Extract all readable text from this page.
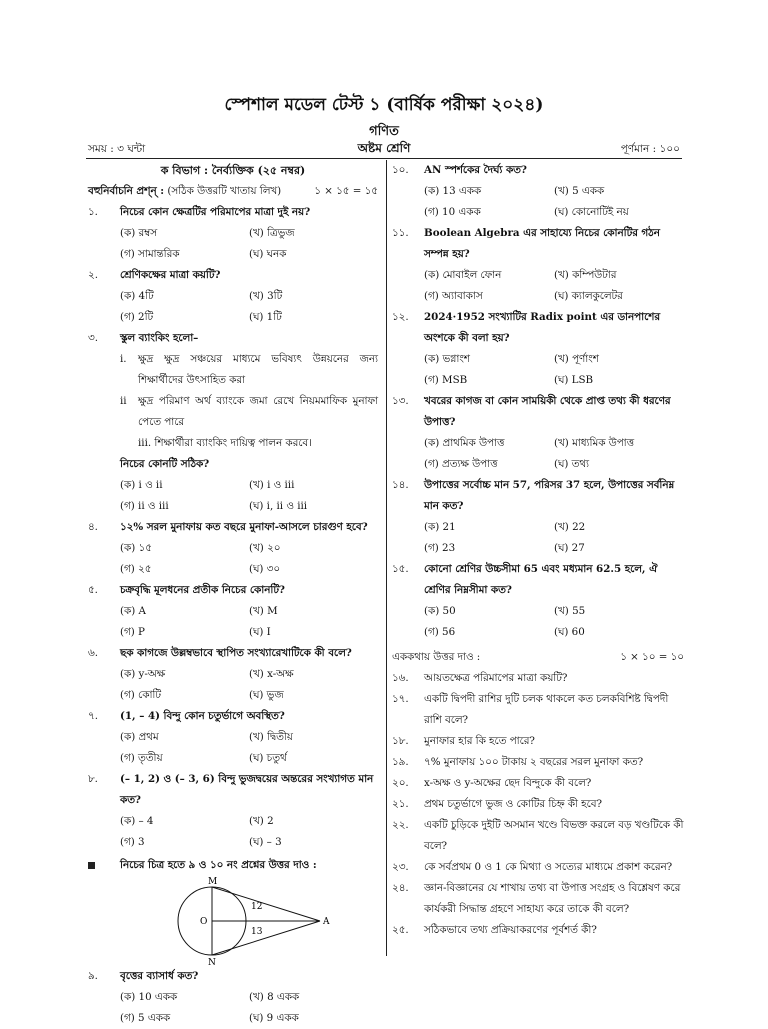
স্পেশাল মডেল টেস্ট ১ (বার্ষিক পরীক্ষা ২০২৪)
গণিত
সময় : ৩ ঘন্টা	অষ্টম শ্রেণি	পূর্ণমান : ১০০
ক বিভাগ : নৈর্ব্যক্তিক (২৫ নম্বর)
বহুনির্বাচনি প্রশ্ন্ : (সঠিক উত্তরটি খাতায় লিখ)	১ × ১৫ = ১৫
১. নিচের কোন ক্ষেত্রটির পরিমাপের মাত্রা দুই নয়?
(ক) রম্বস	(খ) ত্রিভুজ
(গ) সামান্তরিক	(ঘ) ঘনক
২. শ্রেণিকক্ষের মাত্রা কয়টি?
(ক) 4টি	(খ) 3টি
(গ) 2টি	(ঘ) 1টি
৩. স্কুল ব্যাংকিং হলো–
i. ক্ষুদ্র ক্ষুদ্র সঞ্চয়ের মাধ্যমে ভবিষ্যৎ উন্নয়নের জন্য শিক্ষার্থীদের উৎসাহিত করা
ii ক্ষুদ্র পরিমাণ অর্থ ব্যাংকে জমা রেখে নিয়মমাফিক মুনাফা পেতে পারে
iii. শিক্ষার্থীরা ব্যাংকিং দায়িত্ব পালন করবে।
নিচের কোনটি সঠিক?
(ক) i ও ii	(খ) i ও iii
(গ) ii ও iii	(ঘ) i, ii ও iii
৪. ১২% সরল মুনাফায় কত বছরে মুনাফা-আসলে চারগুণ হবে?
(ক) ১৫	(খ) ২০
(গ) ২৫	(ঘ) ৩০
৫. চক্রবৃদ্ধি মূলধনের প্রতীক নিচের কোনটি?
(ক) A	(খ) M
(গ) P	(ঘ) I
৬. ছক কাগজে উল্লম্বভাবে স্থাপিত সংখ্যারেখাটিকে কী বলে?
(ক) y-অক্ষ	(খ) x-অক্ষ
(গ) কোটি	(ঘ) ভুজ
৭. (1, – 4) বিন্দু কোন চতুর্ভাগে অবস্থিত?
(ক) প্রথম	(খ) দ্বিতীয়
(গ) তৃতীয়	(ঘ) চতুর্থ
৮. (– 1, 2) ও (– 3, 6) বিন্দু ভুজদ্বয়ের অন্তরের সংখ্যাগত মান কত?
(ক) – 4	(খ) 2
(গ) 3	(ঘ) – 3
নিচের চিত্র হতে ৯ ও ১০ নং প্রশ্নের উত্তর দাও :
M
O	A
N
12
13
৯. বৃত্তের ব্যাসার্ধ কত?
(ক) 10 একক	(খ) 8 একক
(গ) 5 একক	(ঘ) 9 একক
১০. AN স্পর্শকের দৈর্ঘ্য কত?
(ক) 13 একক	(খ) 5 একক
(গ) 10 একক	(ঘ) কোনোটিই নয়
১১. Boolean Algebra এর সাহায্যে নিচের কোনটির গঠন সম্পন্ন হয়?
(ক) মোবাইল ফোন	(খ) কম্পিউটার
(গ) অ্যাবাকাস	(ঘ) ক্যালকুলেটর
১২. 2024·1952 সংখ্যাটির Radix point এর ডানপাশের অংশকে কী বলা হয়?
(ক) ভগ্নাংশ	(খ) পূর্ণাংশ
(গ) MSB	(ঘ) LSB
১৩. খবরের কাগজ বা কোন সাময়িকী থেকে প্রাপ্ত তথ্য কী ধরণের উপাত্ত?
(ক) প্রাথমিক উপাত্ত	(খ) মাধ্যমিক উপাত্ত
(গ) প্রত্যক্ষ উপাত্ত	(ঘ) তথ্য
১৪. উপাত্তের সর্বোচ্চ মান 57, পরিসর 37 হলে, উপাত্তের সর্বনিম্ন মান কত?
(ক) 21	(খ) 22
(গ) 23	(ঘ) 27
১৫. কোনো শ্রেণির উচ্চসীমা 65 এবং মধ্যমান 62.5 হলে, ঐ শ্রেণির নিম্নসীমা কত?
(ক) 50	(খ) 55
(গ) 56	(ঘ) 60
এককথায় উত্তর দাও :	১ × ১০ = ১০
১৬. আয়তক্ষেত্র পরিমাপের মাত্রা কয়টি?
১৭. একটি দ্বিপদী রাশির দুটি চলক থাকলে কত চলকবিশিষ্ট দ্বিপদী রাশি বলে?
১৮. মুনাফার হার কি হতে পারে?
১৯. ৭% মুনাফায় ১০০ টাকায় ২ বছরের সরল মুনাফা কত?
২০. x-অক্ষ ও y-অক্ষের ছেদ বিন্দুকে কী বলে?
২১. প্রথম চতুর্ভাগে ভুজ ও কোটির চিহ্ন কী হবে?
২২. একটি চুড়িকে দুইটি অসমান খণ্ডে বিভক্ত করলে বড় খণ্ডটিকে কী বলে?
২৩. কে সর্বপ্রথম 0 ও 1 কে মিথ্যা ও সত্যের মাধ্যমে প্রকাশ করেন?
২৪. জ্ঞান-বিজ্ঞানের যে শাখায় তথ্য বা উপাত্ত সংগ্রহ ও বিশ্লেষণ করে কার্যকরী সিদ্ধান্ত গ্রহণে সাহায্য করে তাকে কী বলে?
২৫. সঠিকভাবে তথ্য প্রক্রিয়াকরণের পূর্বশর্ত কী?
